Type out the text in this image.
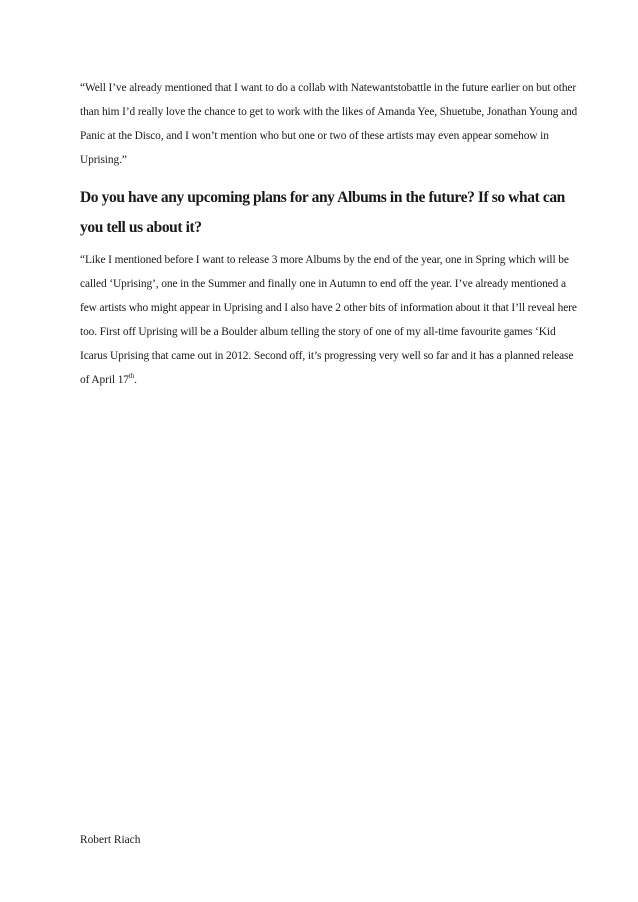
“Well I’ve already mentioned that I want to do a collab with Natewantstobattle in the future earlier on but other than him I’d really love the chance to get to work with the likes of Amanda Yee, Shuetube, Jonathan Young and Panic at the Disco, and I won’t mention who but one or two of these artists may even appear somehow in Uprising.”

Do you have any upcoming plans for any Albums in the future? If so what can you tell us about it?

“Like I mentioned before I want to release 3 more Albums by the end of the year, one in Spring which will be called ‘Uprising’, one in the Summer and finally one in Autumn to end off the year. I’ve already mentioned a few artists who might appear in Uprising and I also have 2 other bits of information about it that I’ll reveal here too. First off Uprising will be a Boulder album telling the story of one of my all-time favourite games ‘Kid Icarus Uprising that came out in 2012. Second off, it’s progressing very well so far and it has a planned release of April 17th.

Robert Riach
